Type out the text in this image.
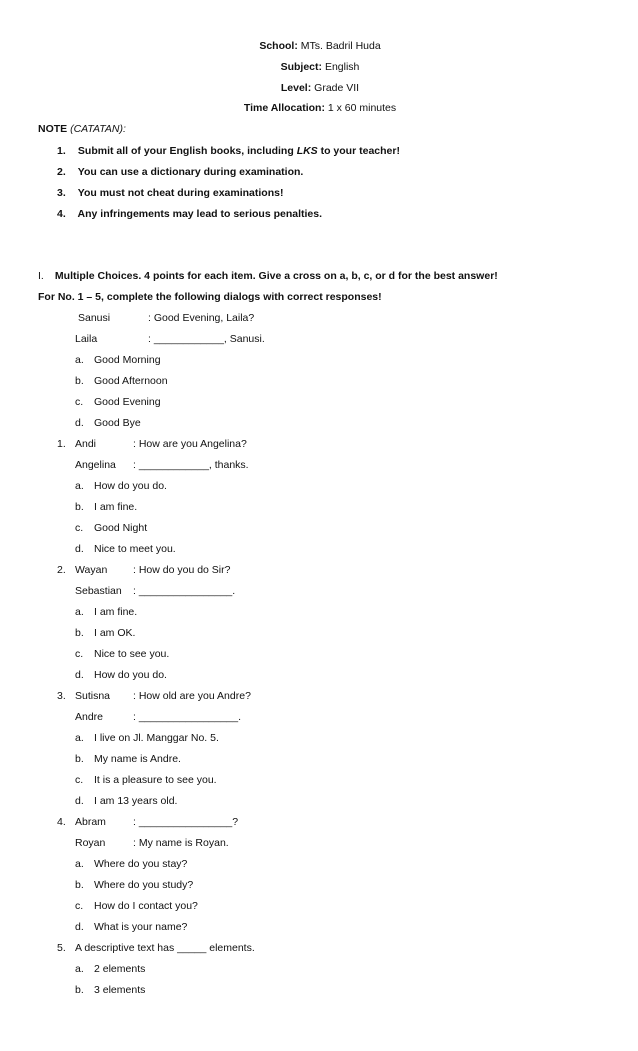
School: MTs. Badril Huda
Subject: English
Level: Grade VII
Time Allocation: 1 x 60 minutes
NOTE (CATATAN):
1. Submit all of your English books, including LKS to your teacher!
2. You can use a dictionary during examination.
3. You must not cheat during examinations!
4. Any infringements may lead to serious penalties.
I. Multiple Choices. 4 points for each item. Give a cross on a, b, c, or d for the best answer!
For No. 1 – 5, complete the following dialogs with correct responses!
Sanusi	: Good Evening, Laila?
Laila	: ____________, Sanusi.
a. Good Morning
b. Good Afternoon
c. Good Evening
d. Good Bye
1. Andi	: How are you Angelina?
Angelina : ____________, thanks.
a. How do you do.
b. I am fine.
c. Good Night
d. Nice to meet you.
2. Wayan : How do you do Sir?
Sebastian : ________________.
a. I am fine.
b. I am OK.
c. Nice to see you.
d. How do you do.
3. Sutisna : How old are you Andre?
Andre	: _________________.
a. I live on Jl. Manggar No. 5.
b. My name is Andre.
c. It is a pleasure to see you.
d. I am 13 years old.
4. Abram	: ________________?
Royan	: My name is Royan.
a. Where do you stay?
b. Where do you study?
c. How do I contact you?
d. What is your name?
5. A descriptive text has _____ elements.
a. 2 elements
b. 3 elements
